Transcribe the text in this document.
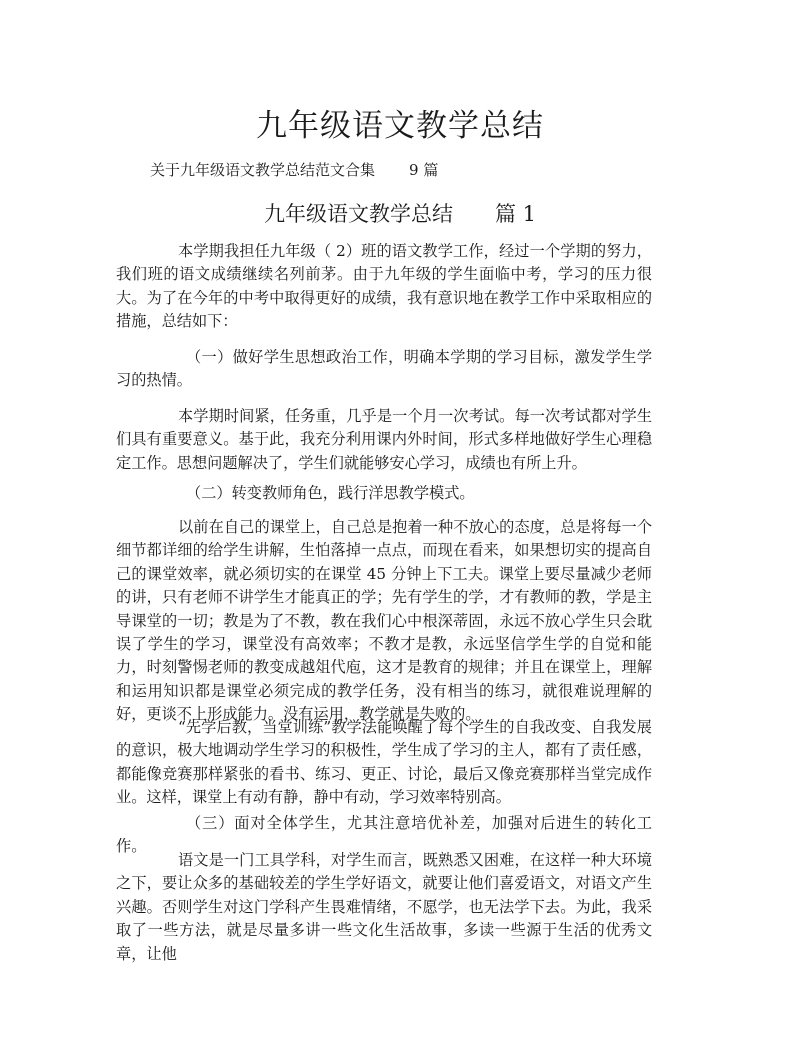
九年级语文教学总结

关于九年级语文教学总结范文合集 9 篇

九年级语文教学总结 篇 1

本学期我担任九年级（ 2）班的语文教学工作，经过一个学期的努力，我们班的语文成绩继续名列前茅。由于九年级的学生面临中考，学习的压力很大。为了在今年的中考中取得更好的成绩，我有意识地在教学工作中采取相应的措施，总结如下：

（一）做好学生思想政治工作，明确本学期的学习目标，激发学生学习的热情。

本学期时间紧，任务重，几乎是一个月一次考试。每一次考试都对学生们具有重要意义。基于此，我充分利用课内外时间，形式多样地做好学生心理稳定工作。思想问题解决了，学生们就能够安心学习，成绩也有所上升。

（二）转变教师角色，践行洋思教学模式。

以前在自己的课堂上，自己总是抱着一种不放心的态度，总是将每一个细节都详细的给学生讲解，生怕落掉一点点，而现在看来，如果想切实的提高自己的课堂效率，就必须切实的在课堂 45 分钟上下工夫。课堂上要尽量减少老师的讲，只有老师不讲学生才能真正的学；先有学生的学，才有教师的教，学是主导课堂的一切；教是为了不教，教在我们心中根深蒂固，永远不放心学生只会耽误了学生的学习，课堂没有高效率；不教才是教，永远坚信学生学的自觉和能力，时刻警惕老师的教变成越俎代庖，这才是教育的规律；并且在课堂上，理解和运用知识都是课堂必须完成的教学任务，没有相当的练习，就很难说理解的好，更谈不上形成能力。没有运用，教学就是失败的。

“先学后教，当堂训练”教学法能唤醒了每个学生的自我改变、自我发展的意识，极大地调动学生学习的积极性，学生成了学习的主人，都有了责任感，都能像竞赛那样紧张的看书、练习、更正、讨论，最后又像竞赛那样当堂完成作业。这样，课堂上有动有静，静中有动，学习效率特别高。

（三）面对全体学生，尤其注意培优补差，加强对后进生的转化工作。

语文是一门工具学科，对学生而言，既熟悉又困难，在这样一种大环境之下，要让众多的基础较差的学生学好语文，就要让他们喜爱语文，对语文产生兴趣。否则学生对这门学科产生畏难情绪，不愿学，也无法学下去。为此，我采取了一些方法，就是尽量多讲一些文化生活故事，多读一些源于生活的优秀文章，让他
